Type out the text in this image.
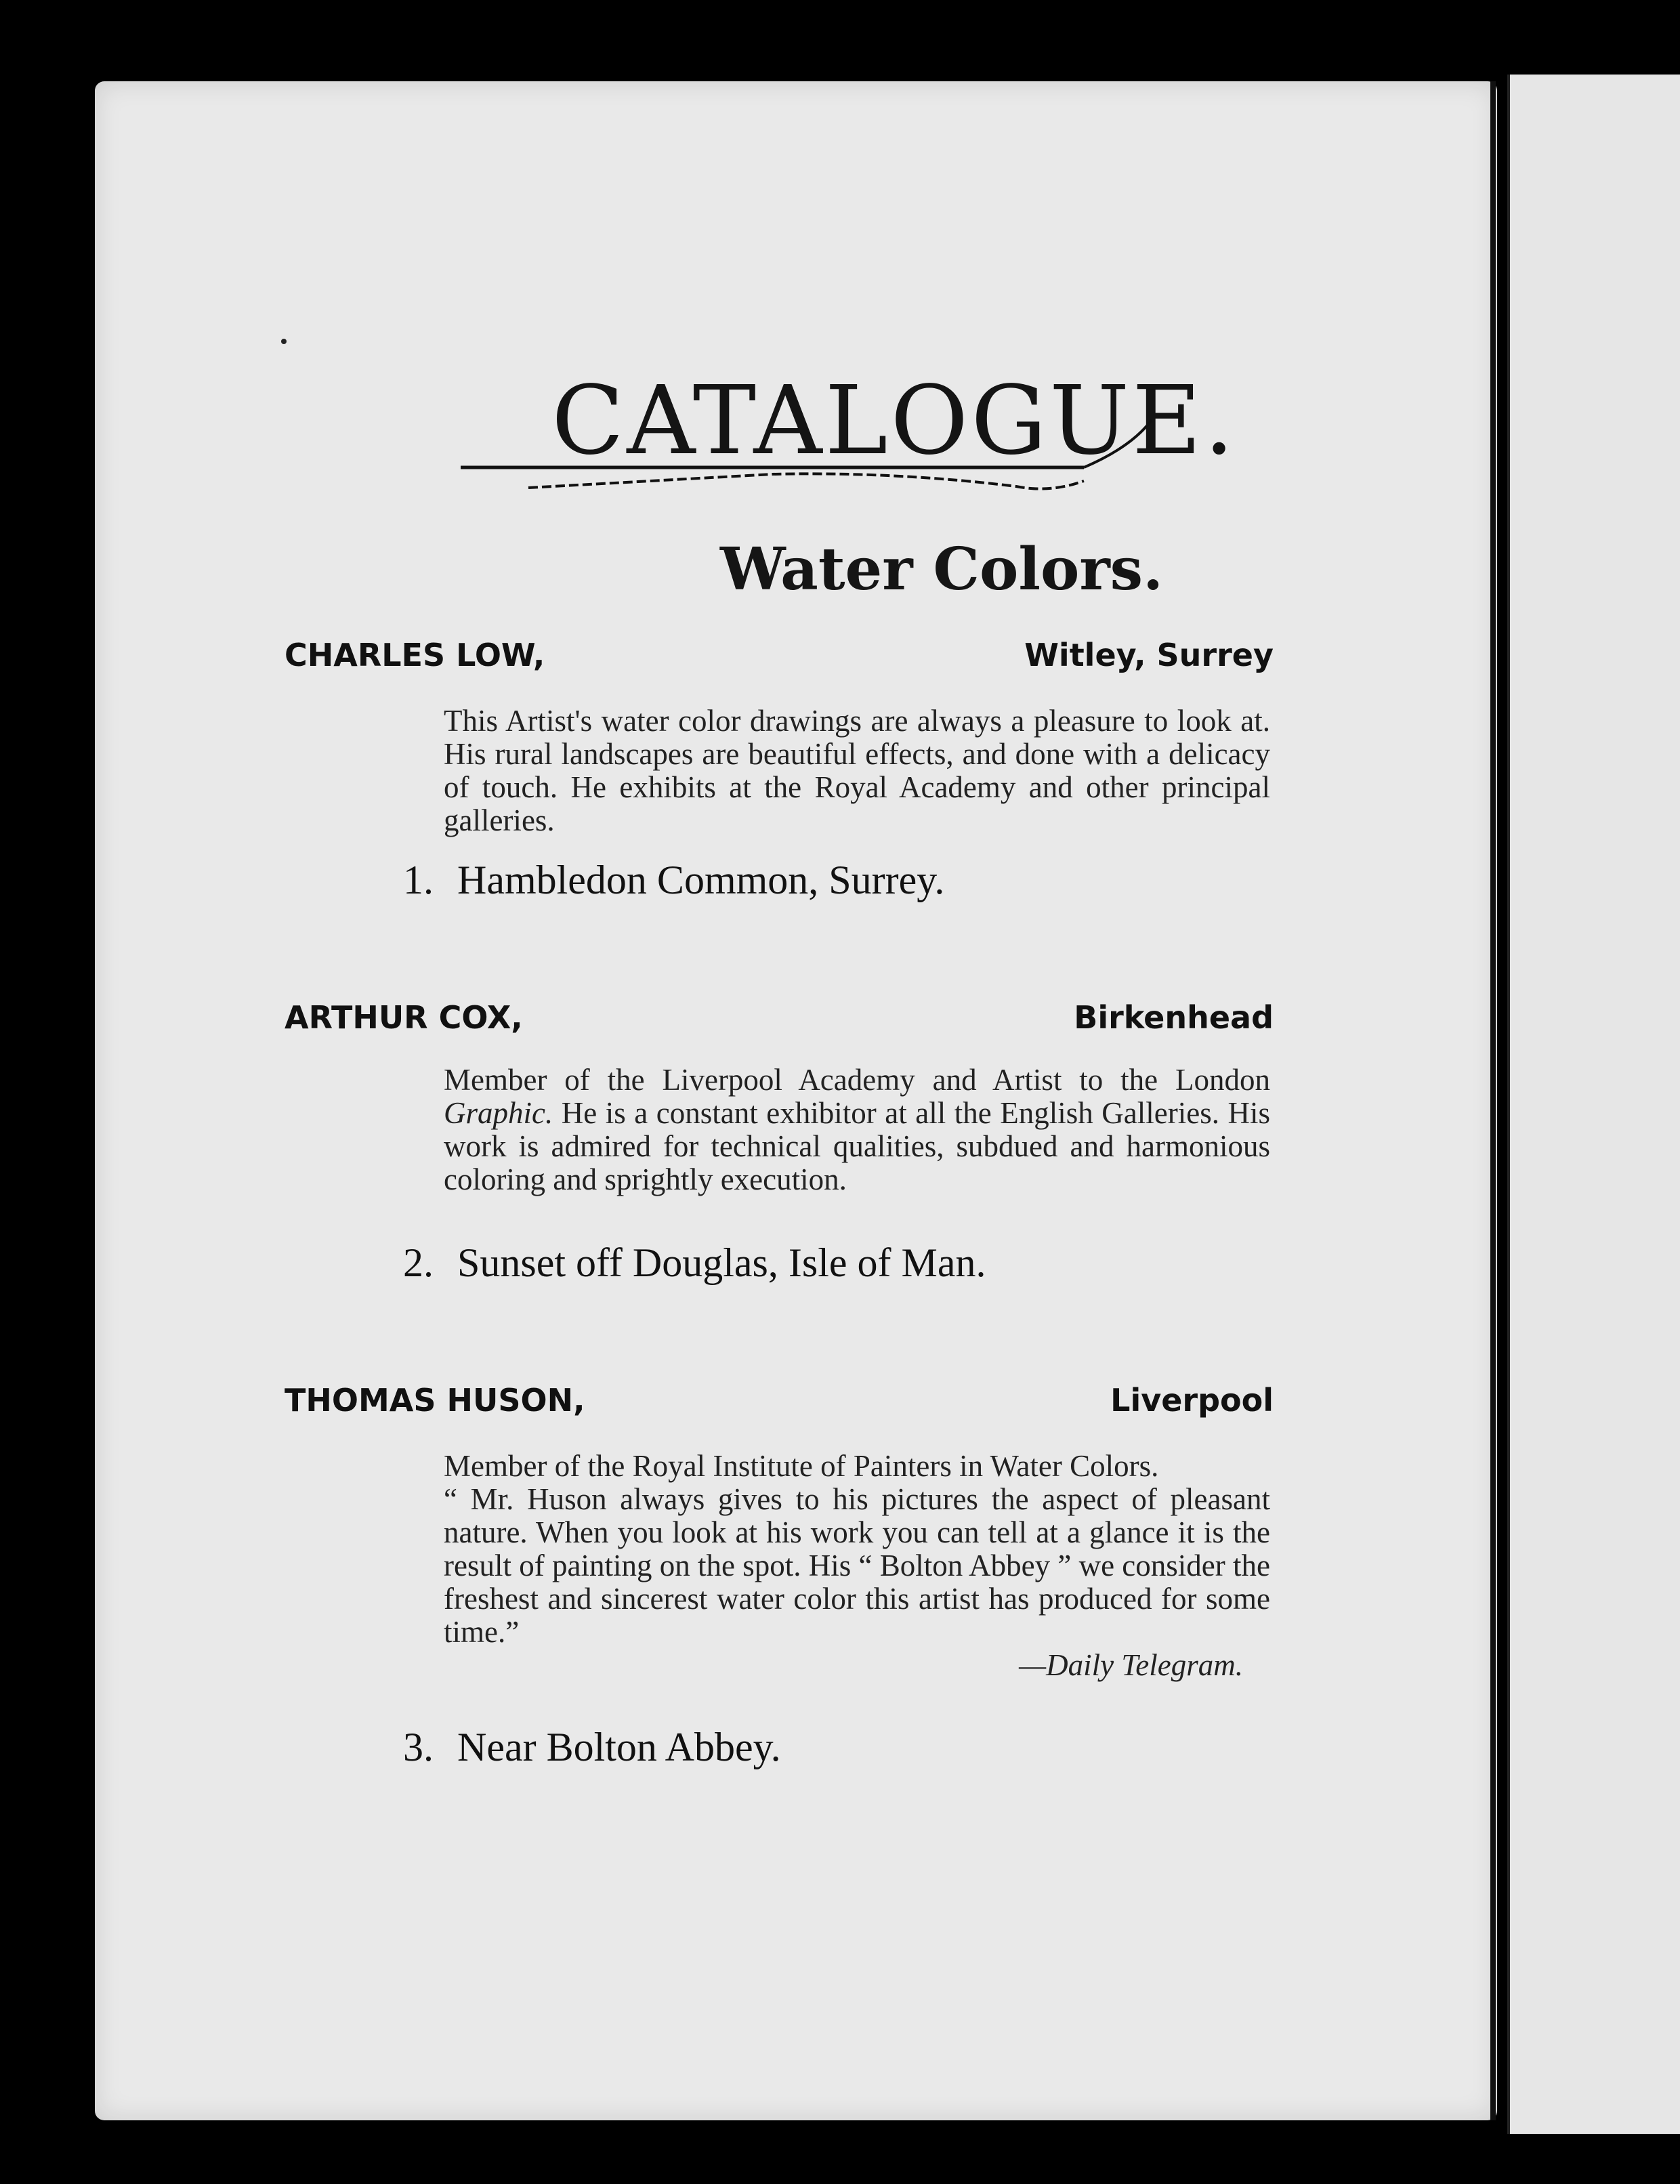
CATALOGUE.
Water Colors.
CHARLES LOW,	Witley, Surrey

This Artist's water color drawings are always a pleasure to look at. His rural landscapes are beautiful effects, and done with a delicacy of touch. He exhibits at the Royal Academy and other principal galleries.

1. Hambledon Common, Surrey.
ARTHUR COX,	Birkenhead

Member of the Liverpool Academy and Artist to the London Graphic. He is a constant exhibitor at all the English Galleries. His work is admired for technical qualities, subdued and harmonious coloring and sprightly execution.

2. Sunset off Douglas, Isle of Man.
THOMAS HUSON,	Liverpool

Member of the Royal Institute of Painters in Water Colors.

“ Mr. Huson always gives to his pictures the aspect of pleasant nature. When you look at his work you can tell at a glance it is the result of painting on the spot. His “ Bolton Abbey ” we consider the freshest and sincerest water color this artist has produced for some time.”

—Daily Telegram.

3. Near Bolton Abbey.
